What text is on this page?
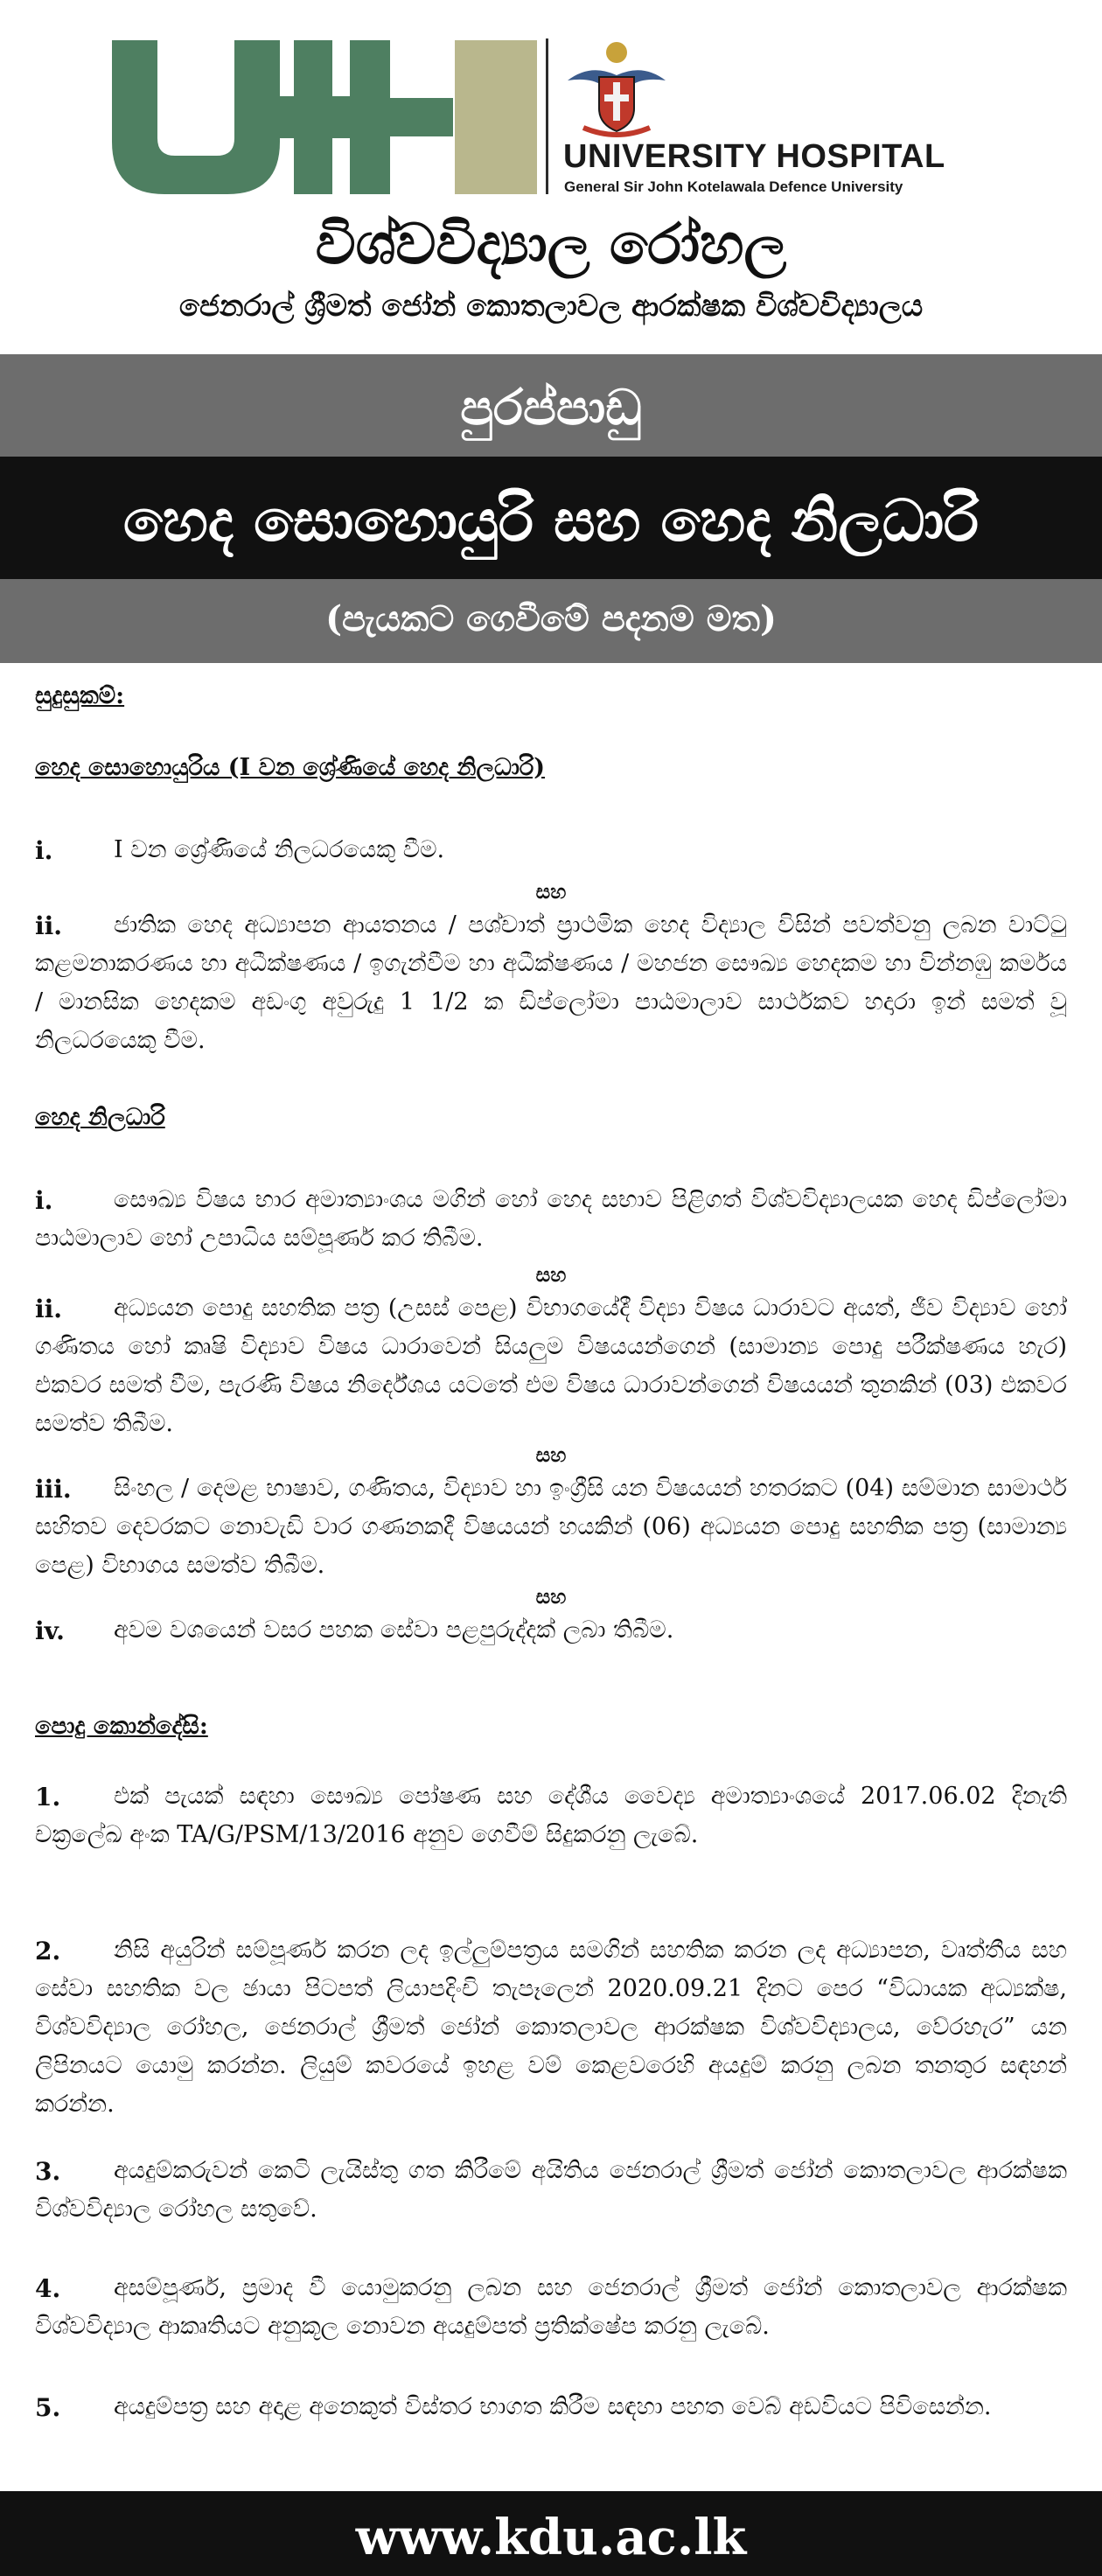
UNIVERSITY HOSPITAL
General Sir John Kotelawala Defence University
විශ්වවිද්‍යාල රෝහල
ජෙනරාල් ශ්‍රීමත් ජෝන් කොතලාවල ආරක්ෂක විශ්වවිද්‍යාලය
පුරප්පාඩු
හෙද සොහොයුරි සහ හෙද නිලධාරි
(පැයකට ගෙවීමේ පදනම මත)
සුදුසුකම්:
හෙද සොහොයුරිය (I වන ශ්‍රේණියේ හෙද නිලධාරි)
i.	I වන ශ්‍රේණියේ නිලධරයෙකු වීම.
සහ
ii.	ජාතික හෙද අධ්‍යාපන ආයතනය / පශ්චාත් ප්‍රාථමික හෙද විද්‍යාල විසින් පවත්වනු ලබන වාට්ටු කළමනාකරණය හා අධීක්ෂණය / ඉගැන්වීම හා අධීක්ෂණය / මහජන සෞඛ්‍ය හෙදකම හා වින්නඹු කර්මය / මානසික හෙදකම අඩංගු අවුරුදු 1 1/2 ක ඩිප්ලෝමා පාඨමාලාව සාර්ථකව හදාරා ඉන් සමත් වූ නිලධරයෙකු වීම.
හෙද නිලධාරි
i.	සෞඛ්‍ය විෂය භාර අමාත්‍යාංශය මගින් හෝ හෙද සභාව පිළිගත් විශ්වවිද්‍යාලයක හෙද ඩිප්ලෝමා පාඨමාලාව හෝ උපාධිය සම්පූර්ණ කර තිබීම.
සහ
ii.	අධ්‍යයන පොදු සහතික පත්‍ර (උසස් පෙළ) විභාගයේදී විද්‍යා විෂය ධාරාවට අයත්, ජීව විද්‍යාව හෝ ගණිතය හෝ කෘෂි විද්‍යාව විෂය ධාරාවෙන් සියලුම විෂයයන්ගෙන් (සාමාන්‍ය පොදු පරීක්ෂණය හැර) එකවර සමත් වීම, පැරණි විෂය නිර්දේශය යටතේ එම විෂය ධාරාවන්ගෙන් විෂයයන් තුනකින් (03) එකවර සමත්ව තිබීම.
සහ
iii.	සිංහල / දෙමළ භාෂාව, ගණිතය, විද්‍යාව හා ඉංග්‍රීසි යන විෂයයන් හතරකට (04) සම්මාන සාමාර්ථ සහිතව දෙවරකට නොවැඩි වාර ගණනකදී විෂයයන් හයකින් (06) අධ්‍යයන පොදු සහතික පත්‍ර (සාමාන්‍ය පෙළ) විභාගය සමත්ව තිබීම.
සහ
iv.	අවම වශයෙන් වසර පහක සේවා පළපුරුද්දක් ලබා තිබීම.
පොදු කොන්දේසි:
1.	එක් පැයක් සඳහා සෞඛ්‍ය පෝෂණ සහ දේශීය වෛද්‍ය අමාත්‍යාංශයේ 2017.06.02 දිනැති චක්‍රලේඛ අංක TA/G/PSM/13/2016 අනුව ගෙවීම් සිදුකරනු ලැබේ.
2.	නිසි අයුරින් සම්පූර්ණ කරන ලද ඉල්ලුම්පත්‍රය සමගින් සහතික කරන ලද අධ්‍යාපන, වෘත්තීය සහ සේවා සහතික වල ඡායා පිටපත් ලියාපදිංචි තැපෑලෙන් 2020.09.21 දිනට පෙර “විධායක අධ්‍යක්ෂ, විශ්වවිද්‍යාල රෝහල, ජෙනරාල් ශ්‍රීමත් ජෝන් කොතලාවල ආරක්ෂක විශ්වවිද්‍යාලය, වේරහැර” යන ලිපිනයට යොමු කරන්න. ලියුම් කවරයේ ඉහළ වම් කෙළවරෙහි අයදුම් කරනු ලබන තනතුර සඳහන් කරන්න.
3.	අයදුම්කරුවන් කෙටි ලැයිස්තු ගත කිරීමේ අයිතිය ජෙනරාල් ශ්‍රීමත් ජෝන් කොතලාවල ආරක්ෂක විශ්වවිද්‍යාල රෝහල සතුවේ.
4.	අසම්පූර්ණ, ප්‍රමාද වී යොමුකරනු ලබන සහ ජෙනරාල් ශ්‍රීමත් ජෝන් කොතලාවල ආරක්ෂක විශ්වවිද්‍යාල ආකෘතියට අනුකූල නොවන අයදුම්පත් ප්‍රතික්ෂේප කරනු ලැබේ.
5.	අයදුම්පත්‍ර සහ අදාළ අනෙකුත් විස්තර භාගත කිරීම සඳහා පහත වෙබ් අඩවියට පිවිසෙන්න.
www.kdu.ac.lk
